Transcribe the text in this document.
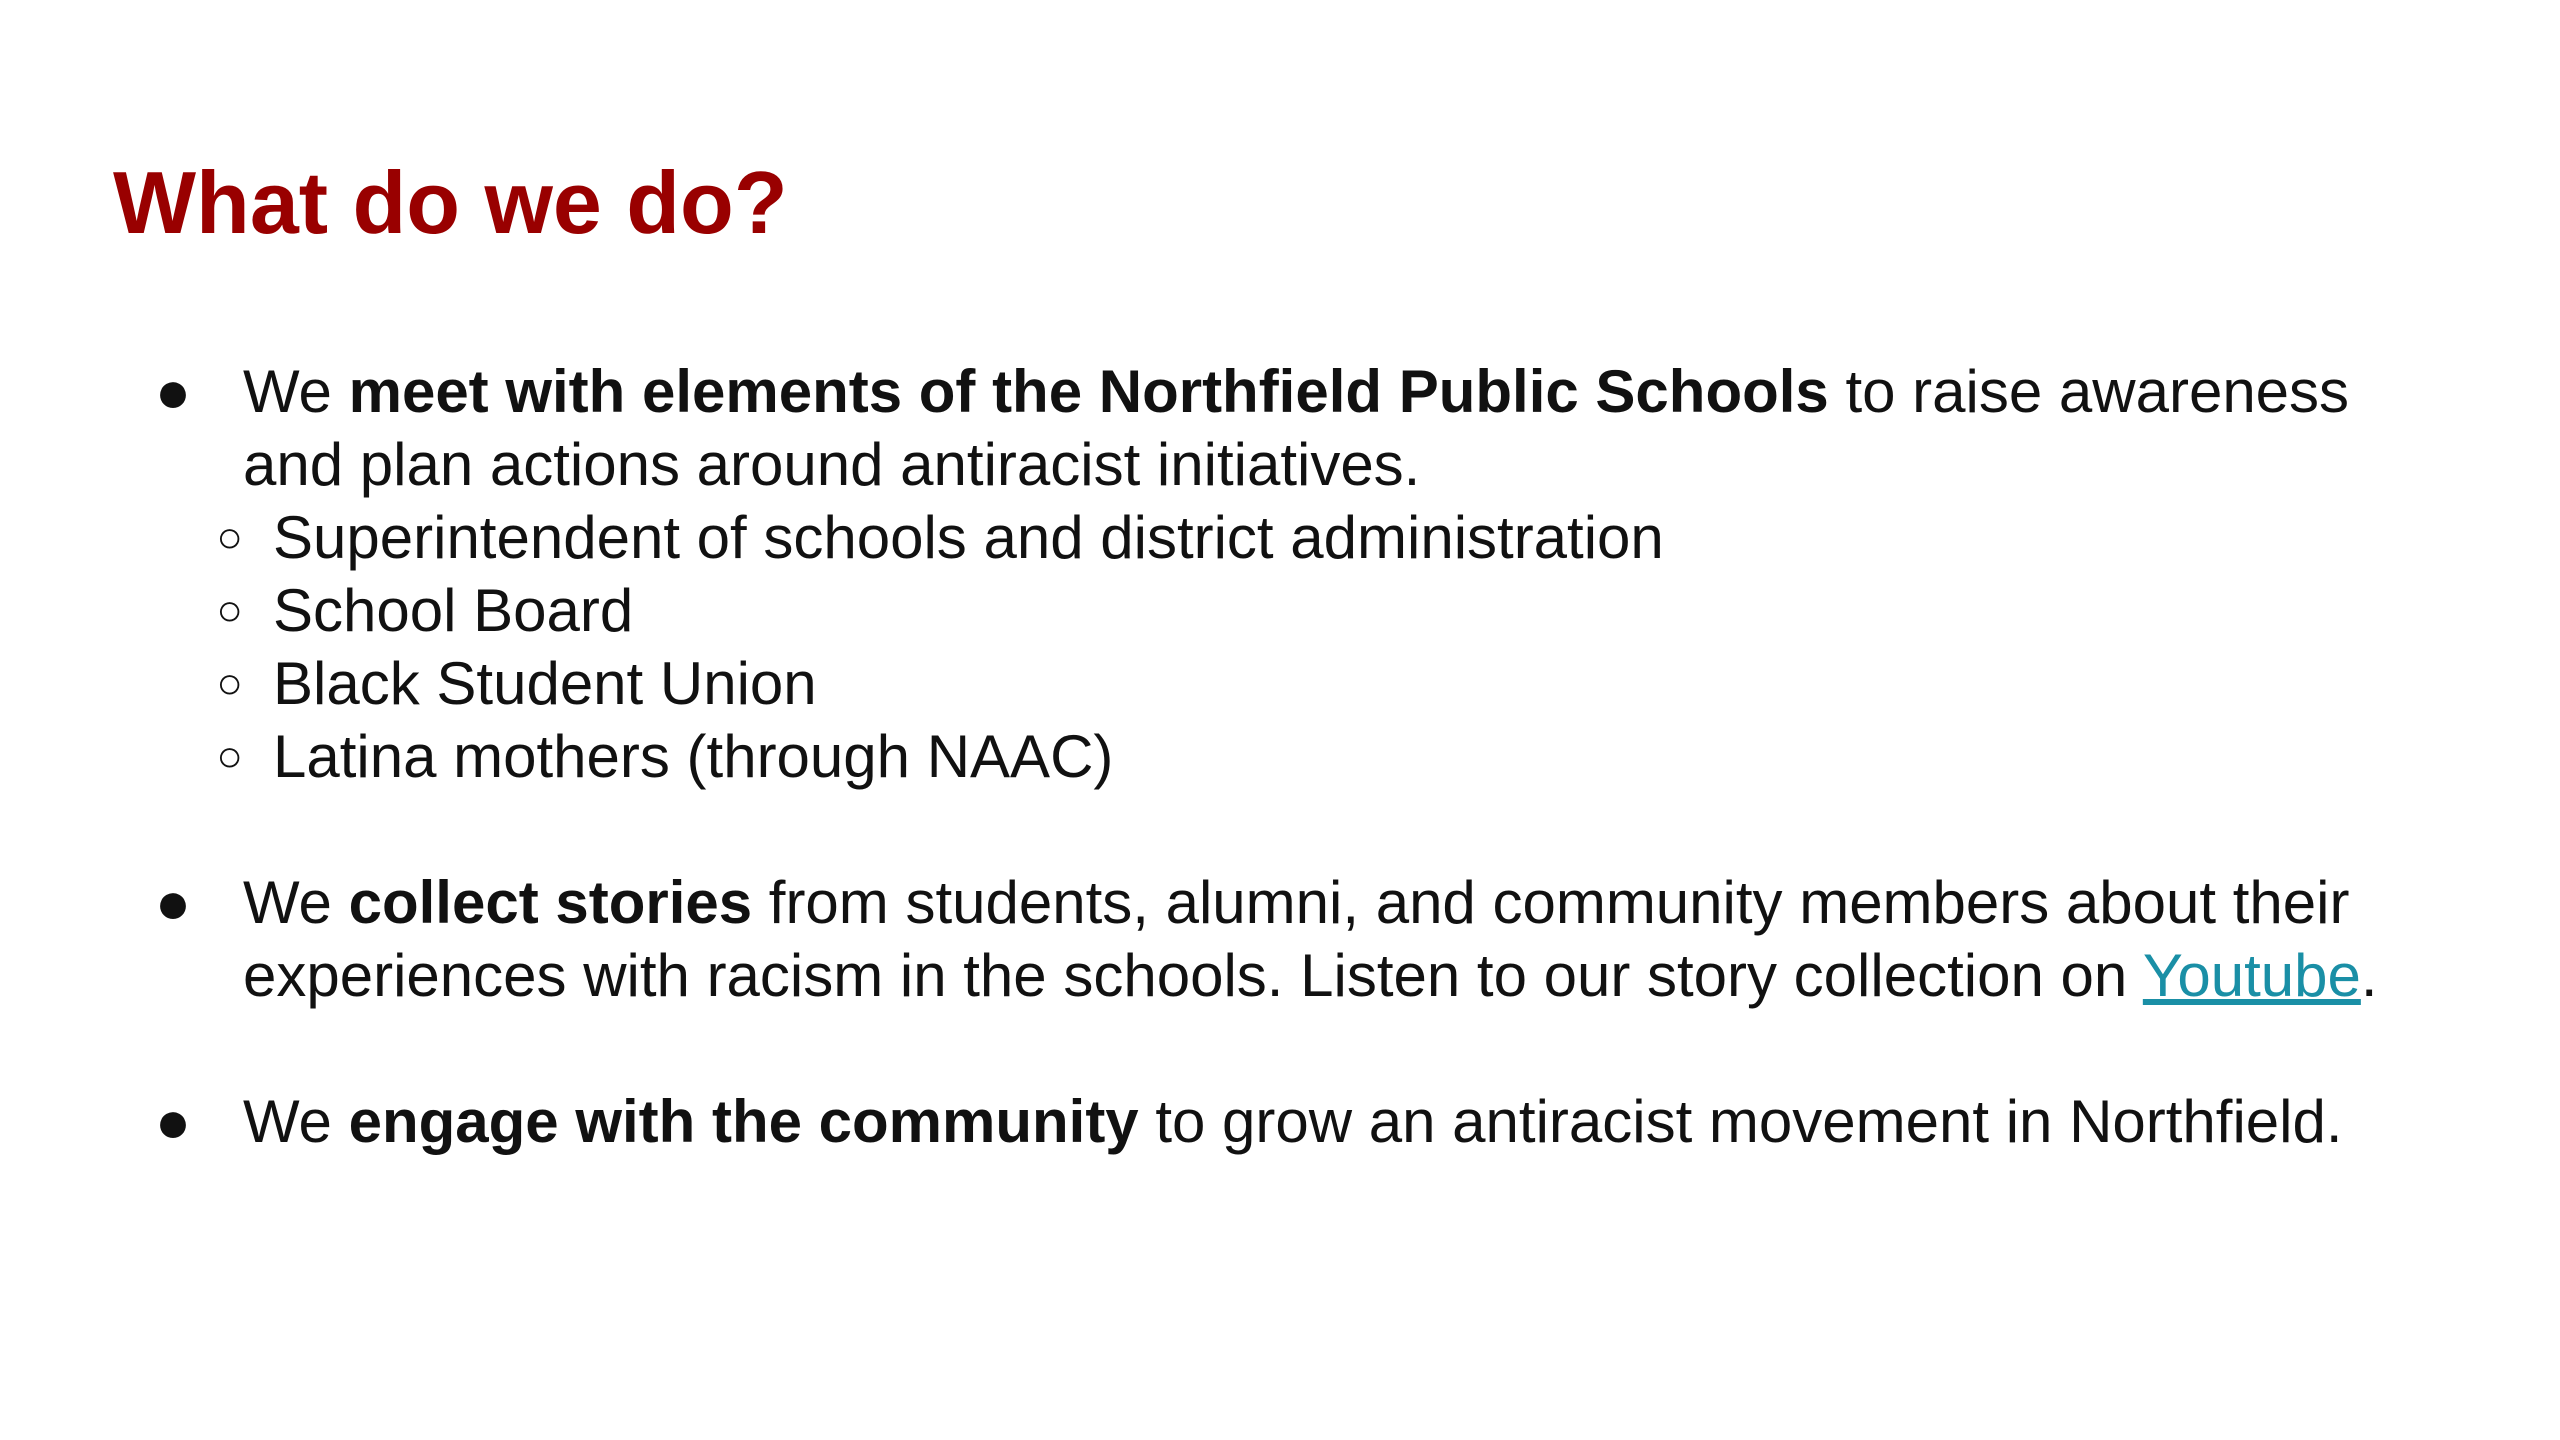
What do we do?
● We meet with elements of the Northfield Public Schools to raise awareness and plan actions around antiracist initiatives.
○ Superintendent of schools and district administration
○ School Board
○ Black Student Union
○ Latina mothers (through NAAC)
● We collect stories from students, alumni, and community members about their experiences with racism in the schools. Listen to our story collection on Youtube.
● We engage with the community to grow an antiracist movement in Northfield.
